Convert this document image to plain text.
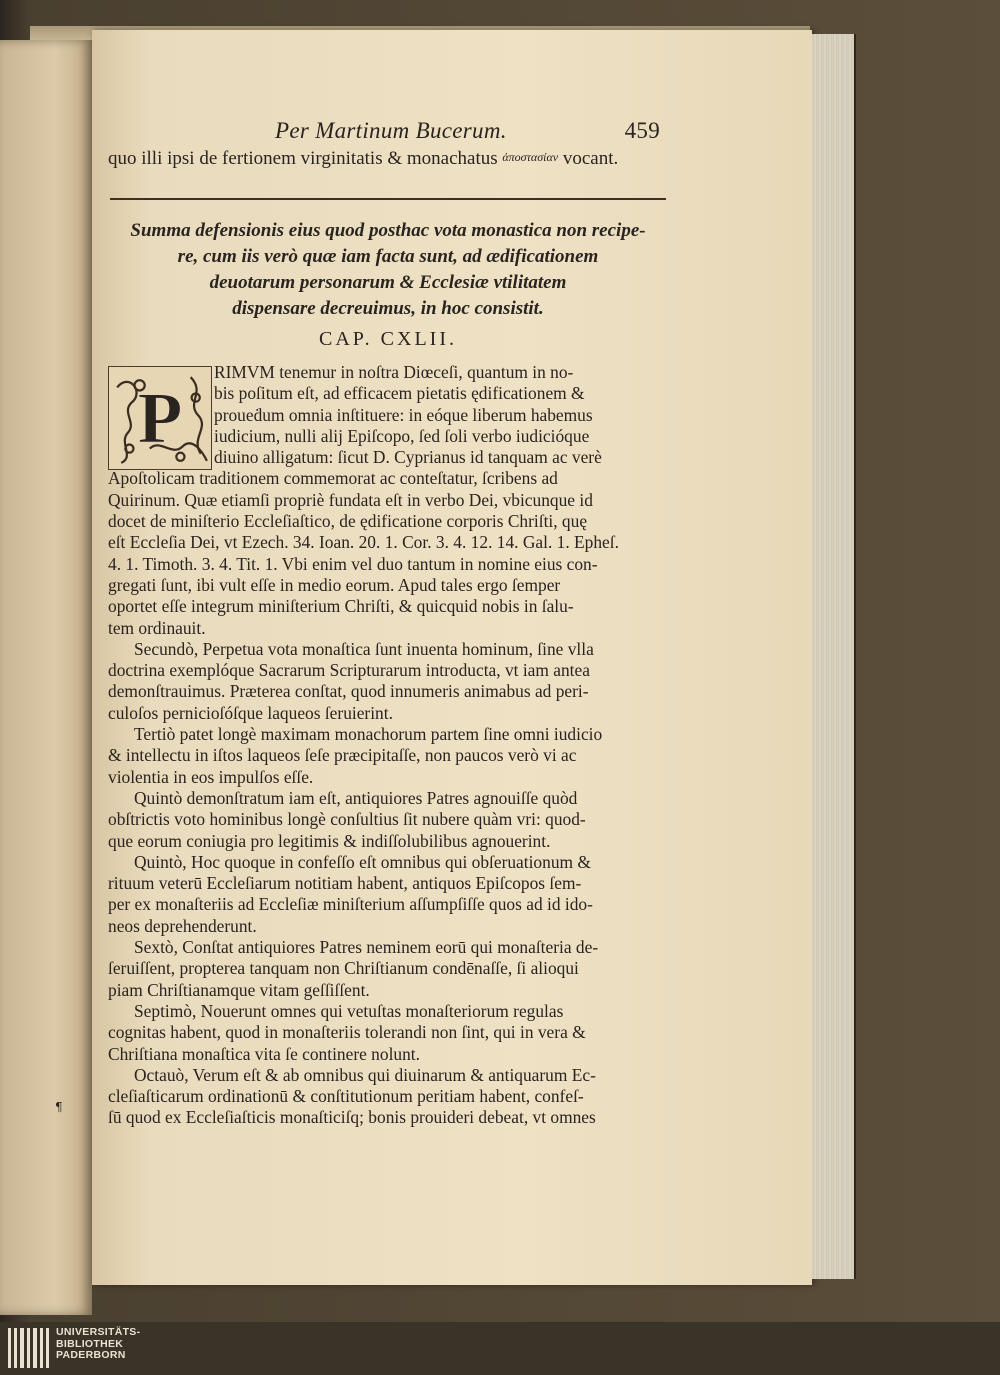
Per Martinum Bucerum.	459
quo illi ipsi de fertionem virginitatis & monachatus ἀποστασίαν vocant.
Summa defensionis eius quod posthac vota monastica non recipe-
re, cum iis verò quæ iam facta sunt, ad ædificationem
deuotarum personarum & Ecclesiæ vtilitatem
dispensare decreuimus, in hoc consistit.
CAP. CXLII.
P

RIMVM tenemur in noſtra Diœceſi, quantum in no-
bis poſitum eſt, ad efficacem pietatis ędificationem &
proueḋum omnia inſtituere: in eóque liberum habemus
iudicium, nulli alij Epiſcopo, ſed ſoli verbo iudicióque
diuino alligatum: ſicut D. Cyprianus id tanquam ac verè
Apoſtolicam traditionem commemorat ac conteſtatur, ſcribens ad
Quirinum. Quæ etiamſi propriè fundata eſt in verbo Dei, vbicunque id
docet de miniſterio Eccleſiaſtico, de ędificatione corporis Chriſti, quę
eſt Eccleſia Dei, vt Ezech. 34. Ioan. 20. 1. Cor. 3. 4. 12. 14. Gal. 1. Epheſ.
4. 1. Timoth. 3. 4. Tit. 1. Vbi enim vel duo tantum in nomine eius con-
gregati ſunt, ibi vult eſſe in medio eorum. Apud tales ergo ſemper
oportet eſſe integrum miniſterium Chriſti, & quicquid nobis in ſalu-
tem ordinauit.

Secundò, Perpetua vota monaſtica ſunt inuenta hominum, ſine vlla
doctrina exemplóque Sacrarum Scripturarum introducta, vt iam antea
demonſtrauimus. Præterea conſtat, quod innumeris animabus ad peri-
culoſos pernicioſóſque laqueos ſeruierint.

Tertiò patet longè maximam monachorum partem ſine omni iudicio
& intellectu in iſtos laqueos ſeſe præcipitaſſe, non paucos verò vi ac
violentia in eos impulſos eſſe.

Quintò demonſtratum iam eſt, antiquiores Patres agnouiſſe quòd
obſtrictis voto hominibus longè conſultius ſit nubere quàm vri: quod-
que eorum coniugia pro legitimis & indiſſolubilibus agnouerint.

Quintò, Hoc quoque in confeſſo eſt omnibus qui obſeruationum &
rituum veterū Eccleſiarum notitiam habent, antiquos Epiſcopos ſem-
per ex monaſteriis ad Eccleſiæ miniſterium aſſumpſiſſe quos ad id ido-
neos deprehenderunt.

Sextò, Conſtat antiquiores Patres neminem eorū qui monaſteria de-
ſeruiſſent, propterea tanquam non Chriſtianum condēnaſſe, ſi alioqui
piam Chriſtianamque vitam geſſiſſent.

Septimò, Nouerunt omnes qui vetuſtas monaſteriorum regulas
cognitas habent, quod in monaſteriis tolerandi non ſint, qui in vera &
Chriſtiana monaſtica vita ſe continere nolunt.

Octauò, Verum eſt & ab omnibus qui diuinarum & antiquarum Ec-
cleſiaſticarum ordinationū & conſtitutionum peritiam habent, confeſ-
ſū quod ex Eccleſiaſticis monaſticiſq; bonis prouideri debeat, vt omnes

¶
UNIVERSITÄTS-
BIBLIOTHEK
PADERBORN
